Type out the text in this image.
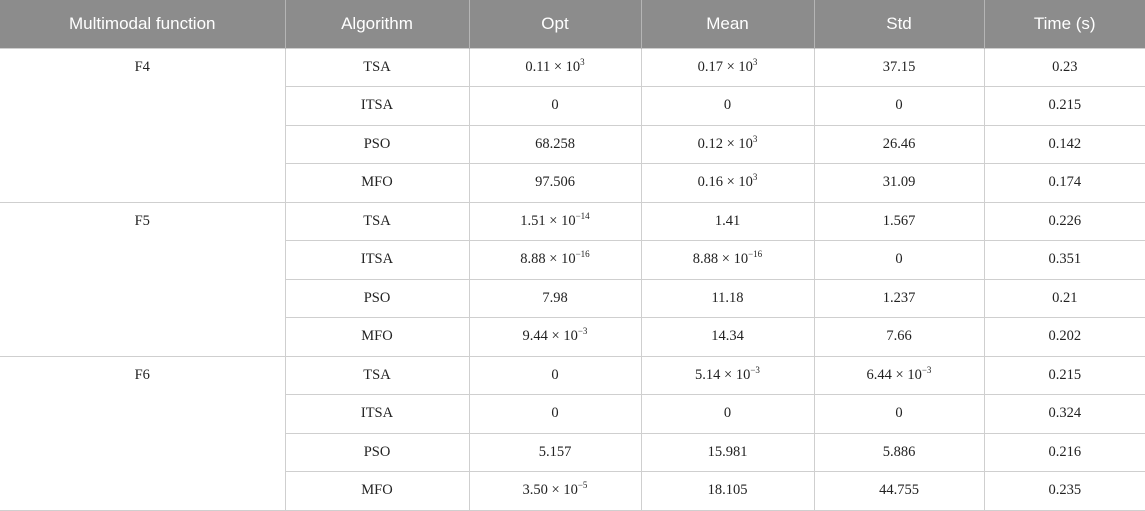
Multimodal function	Algorithm	Opt	Mean	Std	Time (s)
F4	TSA	$0.11 \times 10^3$	$0.17 \times 10^3$	37.15	0.23
	ITSA	0	0	0	0.215
	PSO	68.258	$0.12 \times 10^3$	26.46	0.142
	MFO	97.506	$0.16 \times 10^3$	31.09	0.174
F5	TSA	$1.51 \times 10^{-14}$	1.41	1.567	0.226
	ITSA	$8.88 \times 10^{-16}$	$8.88 \times 10^{-16}$	0	0.351
	PSO	7.98	11.18	1.237	0.21
	MFO	$9.44 \times 10^{-3}$	14.34	7.66	0.202
F6	TSA	0	$5.14 \times 10^{-3}$	$6.44 \times 10^{-3}$	0.215
	ITSA	0	0	0	0.324
	PSO	5.157	15.981	5.886	0.216
	MFO	$3.50 \times 10^{-5}$	18.105	44.755	0.235
